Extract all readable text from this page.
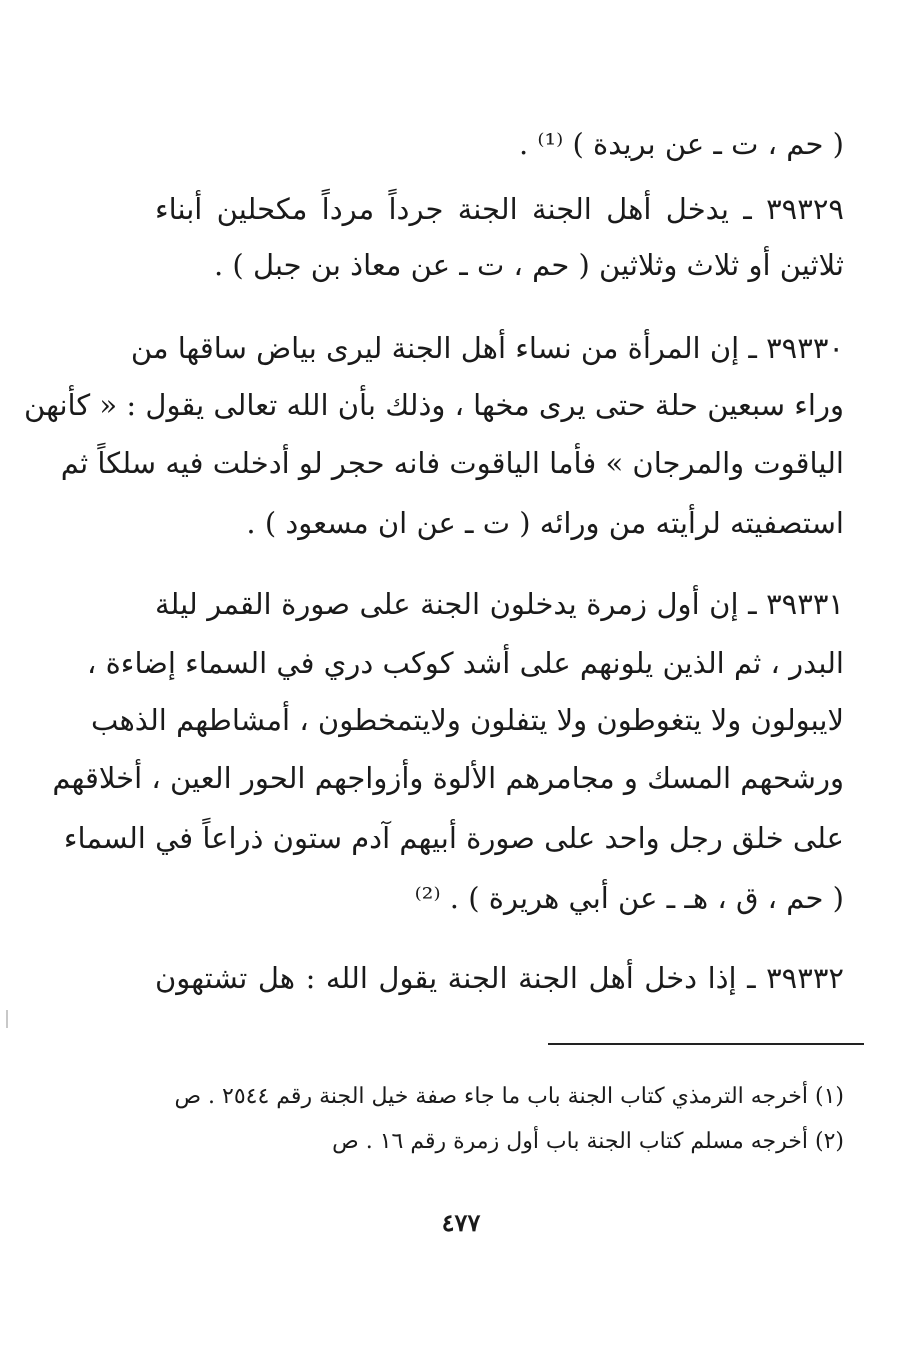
( حم ، ت ـ عن بريدة ) ⁽¹⁾ .
٣٩٣٢٩ ـ يدخل أهل الجنة الجنة جرداً مرداً مكحلين أبناء
ثلاثين أو ثلاث وثلاثين ( حم ، ت ـ عن معاذ بن جبل ) .
٣٩٣٣٠ ـ إن المرأة من نساء أهل الجنة ليرى بياض ساقها من
وراء سبعين حلة حتى يرى مخها ، وذلك بأن الله تعالى يقول : « كأنهن
الياقوت والمرجان » فأما الياقوت فانه حجر لو أدخلت فيه سلكاً ثم
استصفيته لرأيته من ورائه ( ت ـ عن ان مسعود ) .
٣٩٣٣١ ـ إن أول زمرة يدخلون الجنة على صورة القمر ليلة
البدر ، ثم الذين يلونهم على أشد كوكب دري في السماء إضاءة ،
لايبولون ولا يتغوطون ولا يتفلون ولايتمخطون ، أمشاطهم الذهب
ورشحهم المسك و مجامرهم الألوة وأزواجهم الحور العين ، أخلاقهم
على خلق رجل واحد على صورة أبيهم آدم ستون ذراعاً في السماء
( حم ، ق ، هـ ـ عن أبي هريرة ) . ⁽²⁾
٣٩٣٣٢ ـ إذا دخل أهل الجنة الجنة يقول الله : هل تشتهون
(١) أخرجه الترمذي كتاب الجنة باب ما جاء صفة خيل الجنة رقم ٢٥٤٤ . ص
(٢) أخرجه مسلم كتاب الجنة باب أول زمرة رقم ١٦ . ص
٤٧٧
